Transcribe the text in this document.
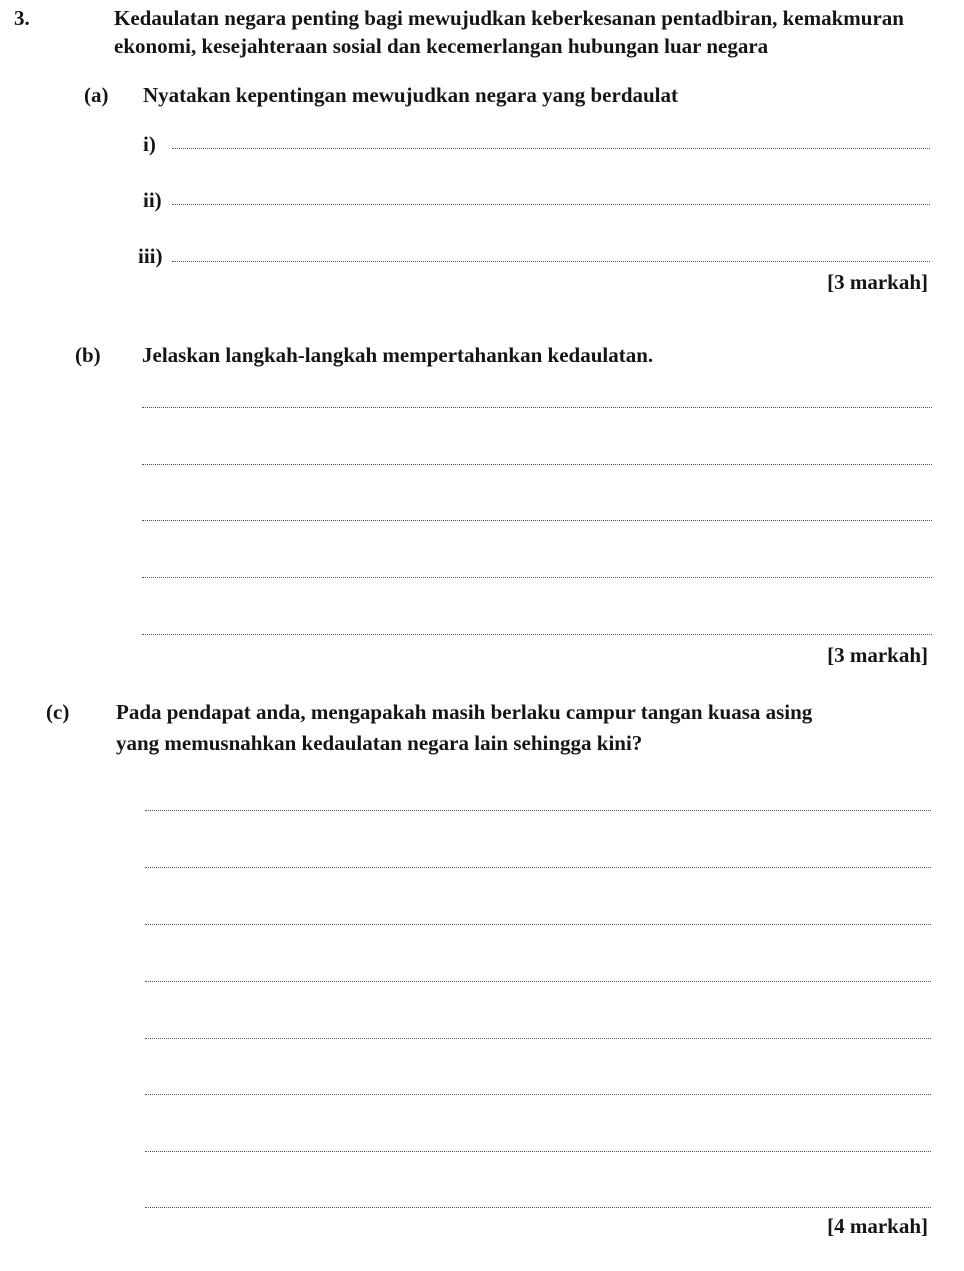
3.	Kedaulatan negara penting bagi mewujudkan keberkesanan pentadbiran, kemakmuran
ekonomi, kesejahteraan sosial dan kecemerlangan hubungan luar negara
(a) Nyatakan kepentingan mewujudkan negara yang berdaulat
i)
ii)
iii)
[3 markah]
(b) Jelaskan langkah-langkah mempertahankan kedaulatan.
[3 markah]
(c) Pada pendapat anda, mengapakah masih berlaku campur tangan kuasa asing
yang memusnahkan kedaulatan negara lain sehingga kini?
[4 markah]
